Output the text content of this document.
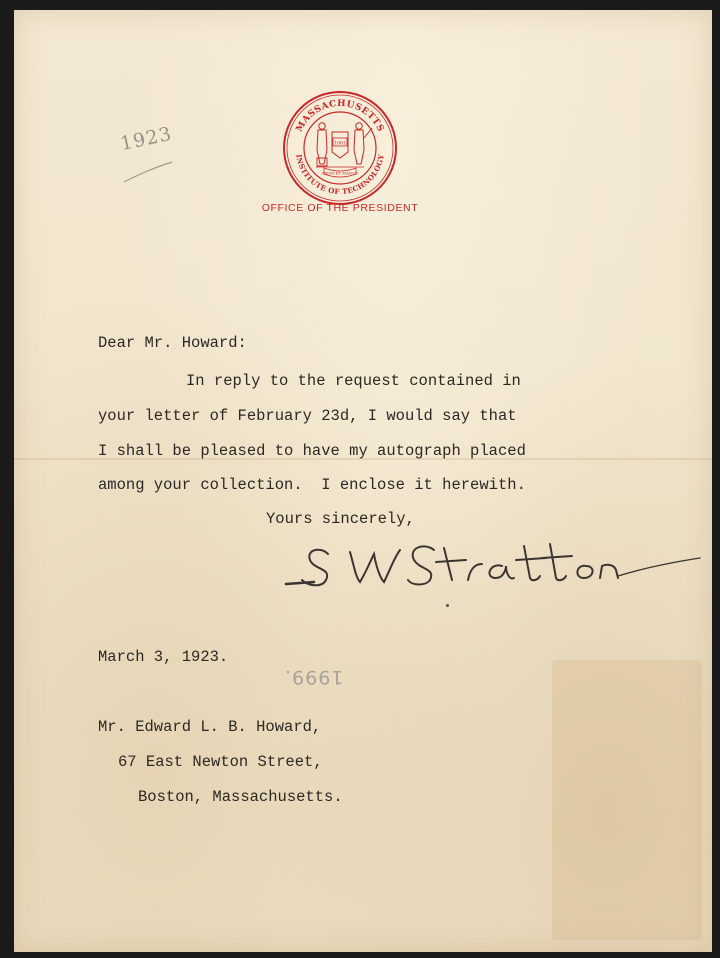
1923	MASSACHUSETTS
INSTITUTE OF TECHNOLOGY
1861
MENS ET MANUS
OFFICE OF THE PRESIDENT
Dear Mr. Howard:
In reply to the request contained in
your letter of February 23d, I would say that
I shall be pleased to have my autograph placed
among your collection.  I enclose it herewith.
Yours sincerely,
March 3, 1923.
1999.
Mr. Edward L. B. Howard,
67 East Newton Street,
Boston, Massachusetts.
